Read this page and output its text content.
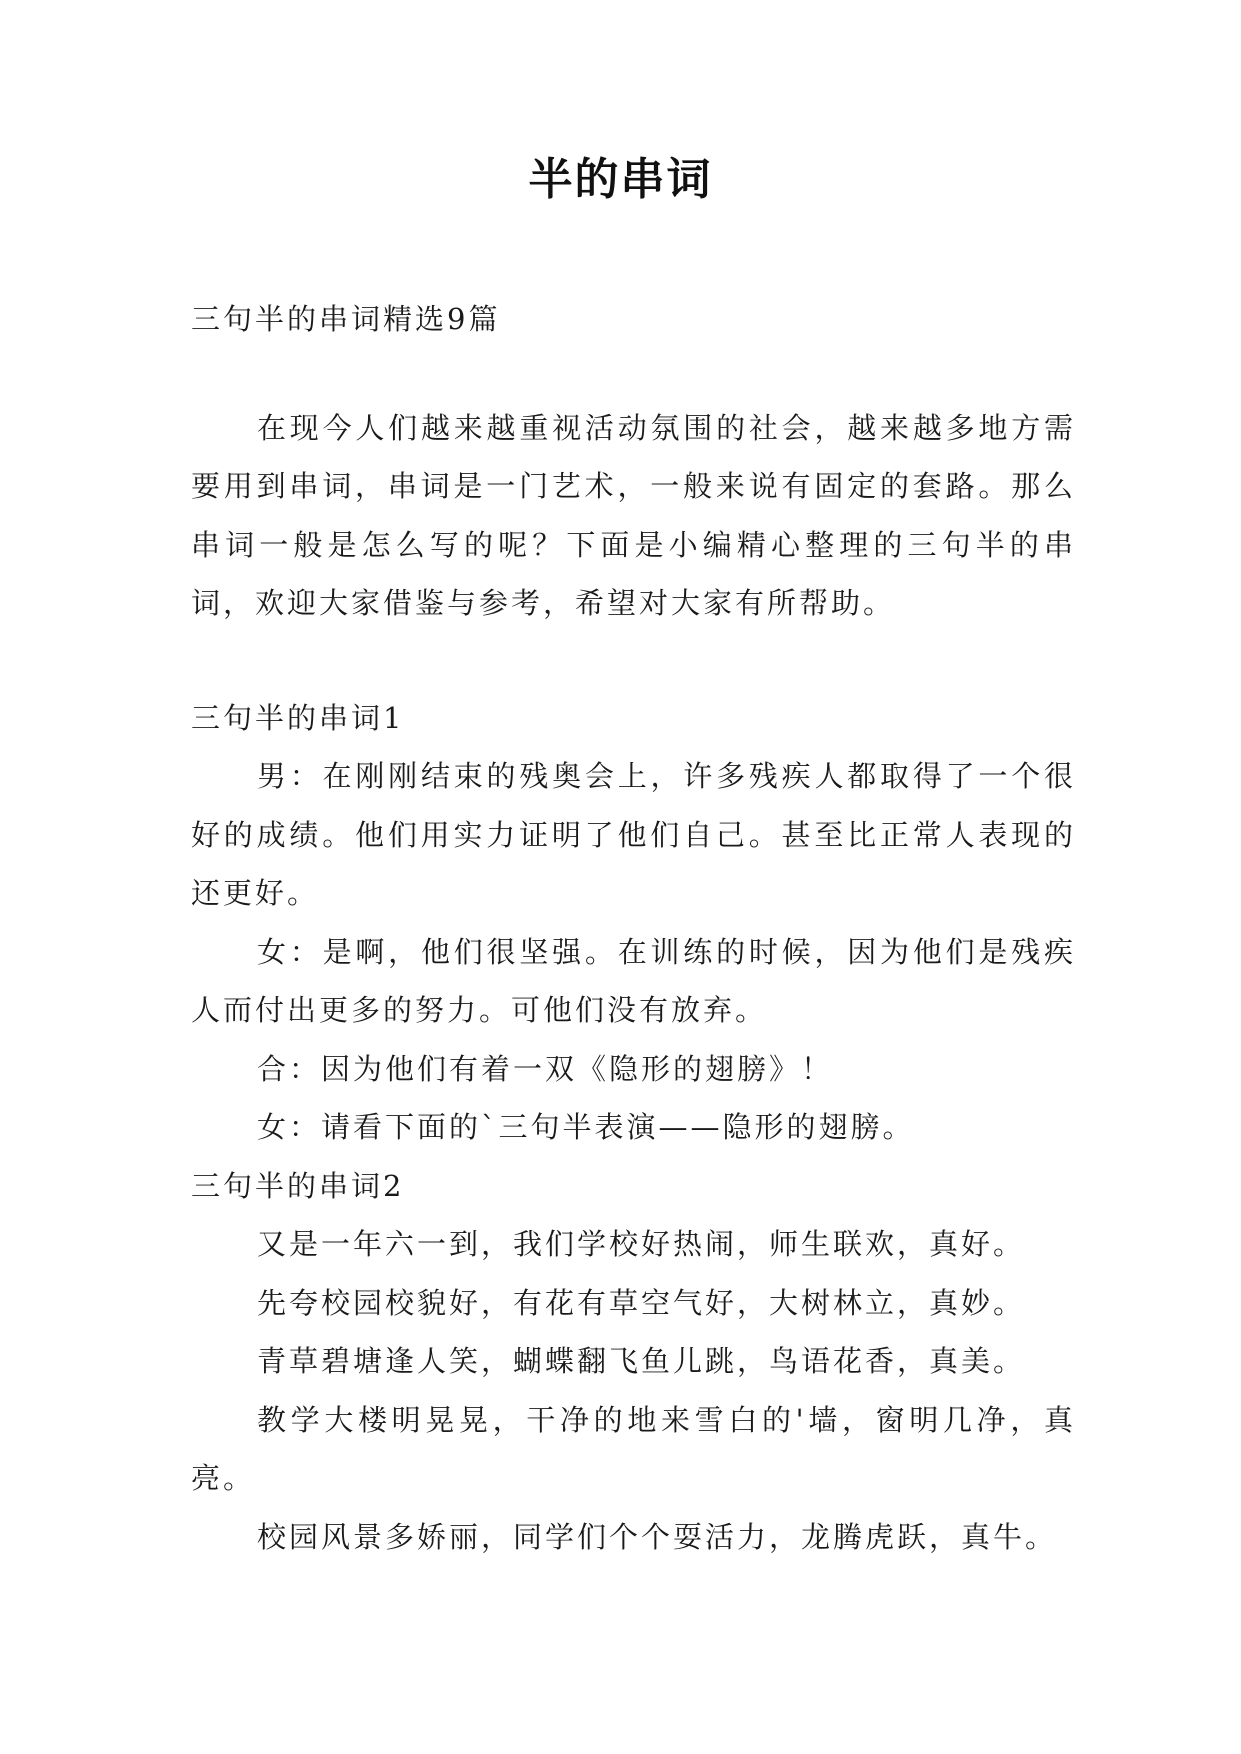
半的串词

三句半的串词精选9篇

在现今人们越来越重视活动氛围的社会，越来越多地方需要用到串词，串词是一门艺术，一般来说有固定的套路。那么串词一般是怎么写的呢？下面是小编精心整理的三句半的串词，欢迎大家借鉴与参考，希望对大家有所帮助。

三句半的串词1

男：在刚刚结束的残奥会上，许多残疾人都取得了一个很好的成绩。他们用实力证明了他们自己。甚至比正常人表现的还更好。

女：是啊，他们很坚强。在训练的时候，因为他们是残疾人而付出更多的努力。可他们没有放弃。

合：因为他们有着一双《隐形的翅膀》！

女：请看下面的`三句半表演——隐形的翅膀。

三句半的串词2

又是一年六一到，我们学校好热闹，师生联欢，真好。

先夸校园校貌好，有花有草空气好，大树林立，真妙。

青草碧塘逢人笑，蝴蝶翻飞鱼儿跳，鸟语花香，真美。

教学大楼明晃晃，干净的地来雪白的'墙，窗明几净，真亮。

校园风景多娇丽，同学们个个耍活力，龙腾虎跃，真牛。
